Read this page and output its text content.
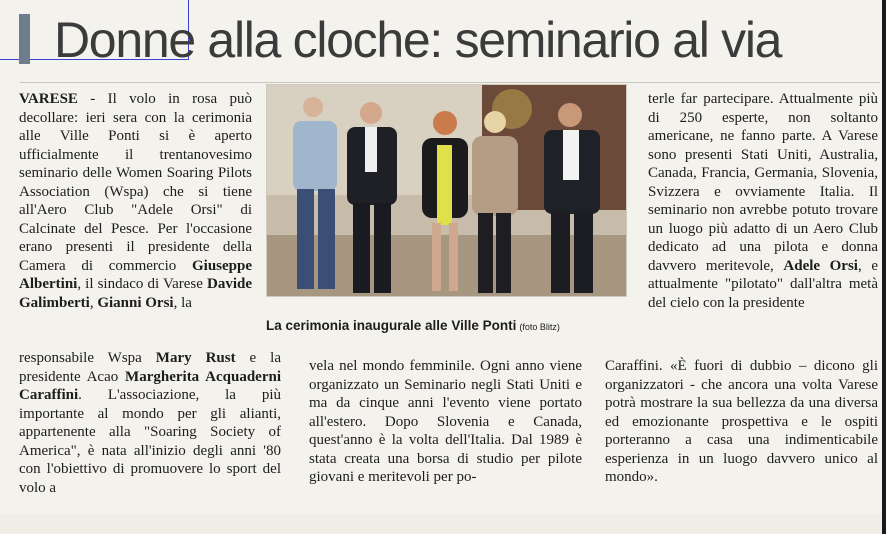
Donne alla cloche: seminario al via

VARESE - Il volo in rosa può decollare: ieri sera con la cerimonia alle Ville Ponti si è aperto ufficialmente il trentanovesimo seminario delle Women Soaring Pilots Association (Wspa) che si tiene all'Aero Club "Adele Orsi" di Calcinate del Pesce. Per l'occasione erano presenti il presidente della Camera di commercio Giuseppe Albertini, il sindaco di Varese Davide Galimberti, Gianni Orsi, la

responsabile Wspa Mary Rust e la presidente Acao Margherita Acquaderni Caraffini. L'associazione, la più importante al mondo per gli alianti, appartenente alla "Soaring Society of America", è nata all'inizio degli anni '80 con l'obiettivo di promuovere lo sport del volo a

La cerimonia inaugurale alle Ville Ponti (foto Blitz)

vela nel mondo femminile. Ogni anno viene organizzato un Seminario negli Stati Uniti e ma da cinque anni l'evento viene portato all'estero. Dopo Slovenia e Canada, quest'anno è la volta dell'Italia. Dal 1989 è stata creata una borsa di studio per pilote giovani e meritevoli per po-

terle far partecipare. Attualmente più di 250 esperte, non soltanto americane, ne fanno parte. A Varese sono presenti Stati Uniti, Australia, Canada, Francia, Germania, Slovenia, Svizzera e ovviamente Italia. Il seminario non avrebbe potuto trovare un luogo più adatto di un Aero Club dedicato ad una pilota e donna davvero meritevole, Adele Orsi, e attualmente "pilotato" dall'altra metà del cielo con la presidente

Caraffini. «È fuori di dubbio – dicono gli organizzatori - che ancora una volta Varese potrà mostrare la sua bellezza da una diversa ed emozionante prospettiva e le ospiti porteranno a casa una indimenticabile esperienza in un luogo davvero unico al mondo».
